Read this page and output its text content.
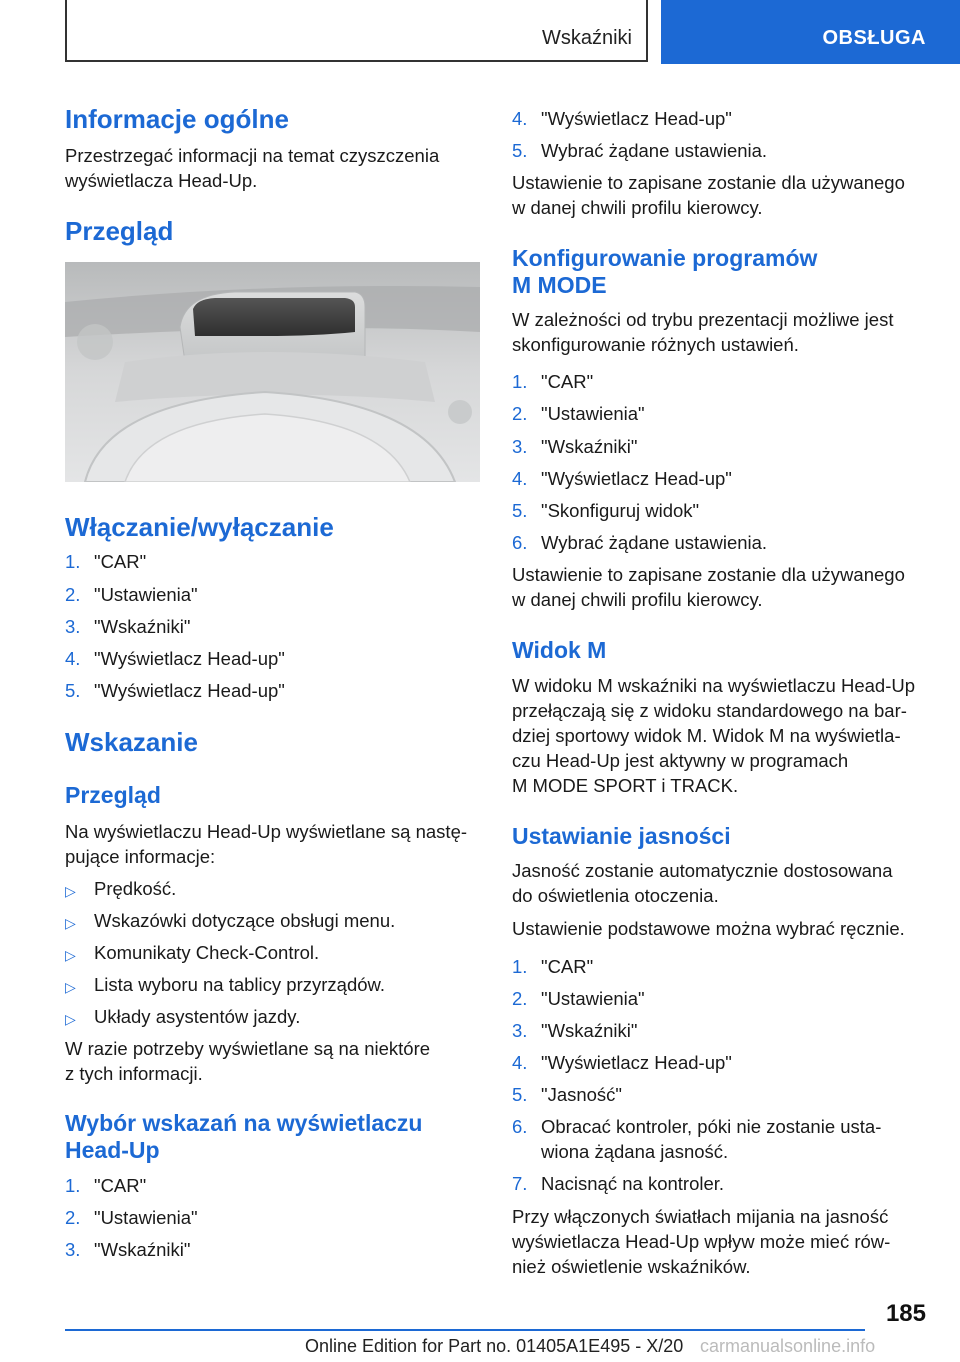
Wskaźniki	OBSŁUGA
Informacje ogólne
Przestrzegać informacji na temat czyszczenia
wyświetlacza Head-Up.
Przegląd
Włączanie/wyłączanie
1. "CAR"
2. "Ustawienia"
3. "Wskaźniki"
4. "Wyświetlacz Head-up"
5. "Wyświetlacz Head-up"
Wskazanie
Przegląd
Na wyświetlaczu Head-Up wyświetlane są nastę-
pujące informacje:
▷ Prędkość.
▷ Wskazówki dotyczące obsługi menu.
▷ Komunikaty Check-Control.
▷ Lista wyboru na tablicy przyrządów.
▷ Układy asystentów jazdy.
W razie potrzeby wyświetlane są na niektóre
z tych informacji.
Wybór wskazań na wyświetlaczu
Head-Up
1. "CAR"
2. "Ustawienia"
3. "Wskaźniki"
4. "Wyświetlacz Head-up"
5. Wybrać żądane ustawienia.
Ustawienie to zapisane zostanie dla używanego
w danej chwili profilu kierowcy.
Konfigurowanie programów
M MODE
W zależności od trybu prezentacji możliwe jest
skonfigurowanie różnych ustawień.
1. "CAR"
2. "Ustawienia"
3. "Wskaźniki"
4. "Wyświetlacz Head-up"
5. "Skonfiguruj widok"
6. Wybrać żądane ustawienia.
Ustawienie to zapisane zostanie dla używanego
w danej chwili profilu kierowcy.
Widok M
W widoku M wskaźniki na wyświetlaczu Head-Up
przełączają się z widoku standardowego na bar-
dziej sportowy widok M. Widok M na wyświetla-
czu Head-Up jest aktywny w programach
M MODE SPORT i TRACK.
Ustawianie jasności
Jasność zostanie automatycznie dostosowana
do oświetlenia otoczenia.
Ustawienie podstawowe można wybrać ręcznie.
1. "CAR"
2. "Ustawienia"
3. "Wskaźniki"
4. "Wyświetlacz Head-up"
5. "Jasność"
6. Obracać kontroler, póki nie zostanie usta-
wiona żądana jasność.
7. Nacisnąć na kontroler.
Przy włączonych światłach mijania na jasność
wyświetlacza Head-Up wpływ może mieć rów-
nież oświetlenie wskaźników.
185
Online Edition for Part no. 01405A1E495 - X/20 carmanualsonline.info
